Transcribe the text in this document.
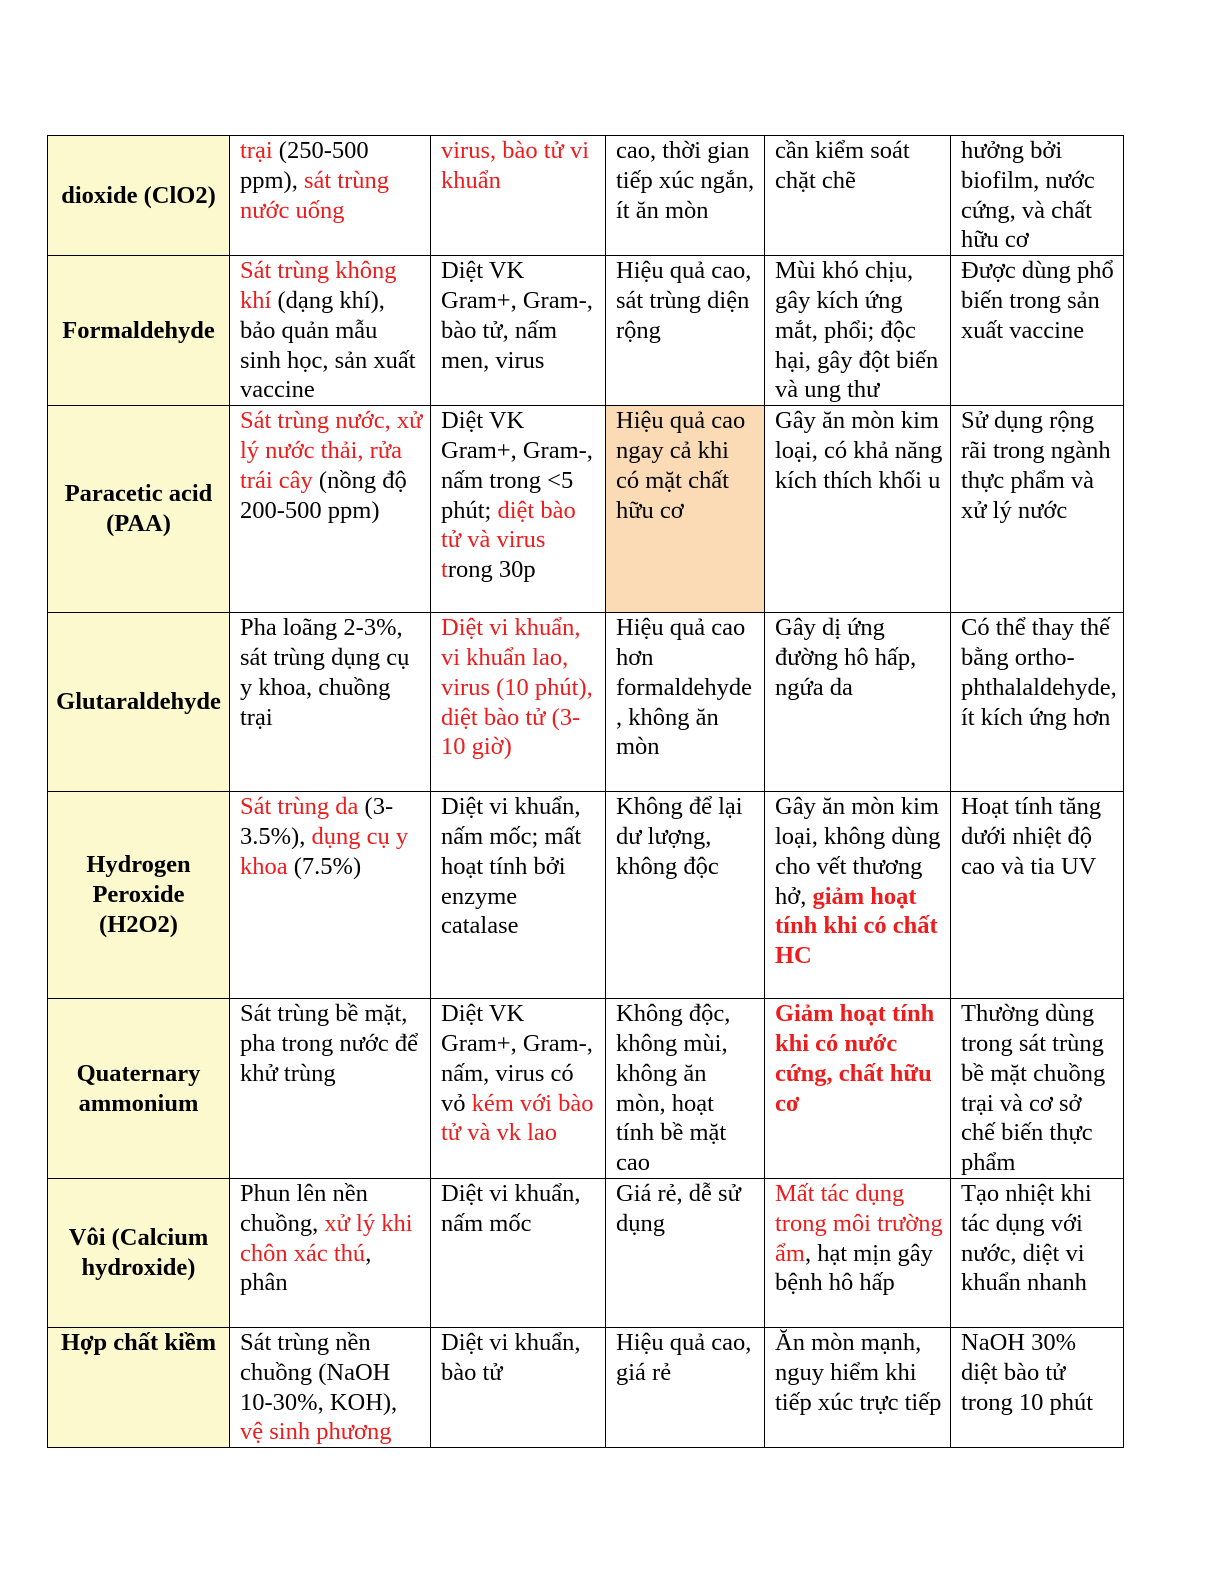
dioxide (ClO2)	trại (250-500 ppm), sát trùng nước uống	virus, bào tử vi khuẩn	cao, thời gian tiếp xúc ngắn, ít ăn mòn	cần kiểm soát chặt chẽ	hưởng bởi biofilm, nước cứng, và chất hữu cơ
Formaldehyde	Sát trùng không khí (dạng khí), bảo quản mẫu sinh học, sản xuất vaccine	Diệt VK Gram+, Gram-, bào tử, nấm men, virus	Hiệu quả cao, sát trùng diện rộng	Mùi khó chịu, gây kích ứng mắt, phổi; độc hại, gây đột biến và ung thư	Được dùng phổ biến trong sản xuất vaccine
Paracetic acid (PAA)	Sát trùng nước, xử lý nước thải, rửa trái cây (nồng độ 200-500 ppm)	Diệt VK Gram+, Gram-, nấm trong <5 phút; diệt bào tử và virus trong 30p	Hiệu quả cao ngay cả khi có mặt chất hữu cơ	Gây ăn mòn kim loại, có khả năng kích thích khối u	Sử dụng rộng rãi trong ngành thực phẩm và xử lý nước
Glutaraldehyde	Pha loãng 2-3%, sát trùng dụng cụ y khoa, chuồng trại	Diệt vi khuẩn, vi khuẩn lao, virus (10 phút), diệt bào tử (3-10 giờ)	Hiệu quả cao hơn formaldehyde, không ăn mòn	Gây dị ứng đường hô hấp, ngứa da	Có thể thay thế bằng ortho-phthalaldehyde, ít kích ứng hơn
Hydrogen Peroxide (H2O2)	Sát trùng da (3-3.5%), dụng cụ y khoa (7.5%)	Diệt vi khuẩn, nấm mốc; mất hoạt tính bởi enzyme catalase	Không để lại dư lượng, không độc	Gây ăn mòn kim loại, không dùng cho vết thương hở, giảm hoạt tính khi có chất HC	Hoạt tính tăng dưới nhiệt độ cao và tia UV
Quaternary ammonium	Sát trùng bề mặt, pha trong nước để khử trùng	Diệt VK Gram+, Gram-, nấm, virus có vỏ kém với bào tử và vk lao	Không độc, không mùi, không ăn mòn, hoạt tính bề mặt cao	Giảm hoạt tính khi có nước cứng, chất hữu cơ	Thường dùng trong sát trùng bề mặt chuồng trại và cơ sở chế biến thực phẩm
Vôi (Calcium hydroxide)	Phun lên nền chuồng, xử lý khi chôn xác thú, phân	Diệt vi khuẩn, nấm mốc	Giá rẻ, dễ sử dụng	Mất tác dụng trong môi trường ẩm, hạt mịn gây bệnh hô hấp	Tạo nhiệt khi tác dụng với nước, diệt vi khuẩn nhanh
Hợp chất kiềm	Sát trùng nền chuồng (NaOH 10-30%, KOH), vệ sinh phương	Diệt vi khuẩn, bào tử	Hiệu quả cao, giá rẻ	Ăn mòn mạnh, nguy hiểm khi tiếp xúc trực tiếp	NaOH 30% diệt bào tử trong 10 phút
